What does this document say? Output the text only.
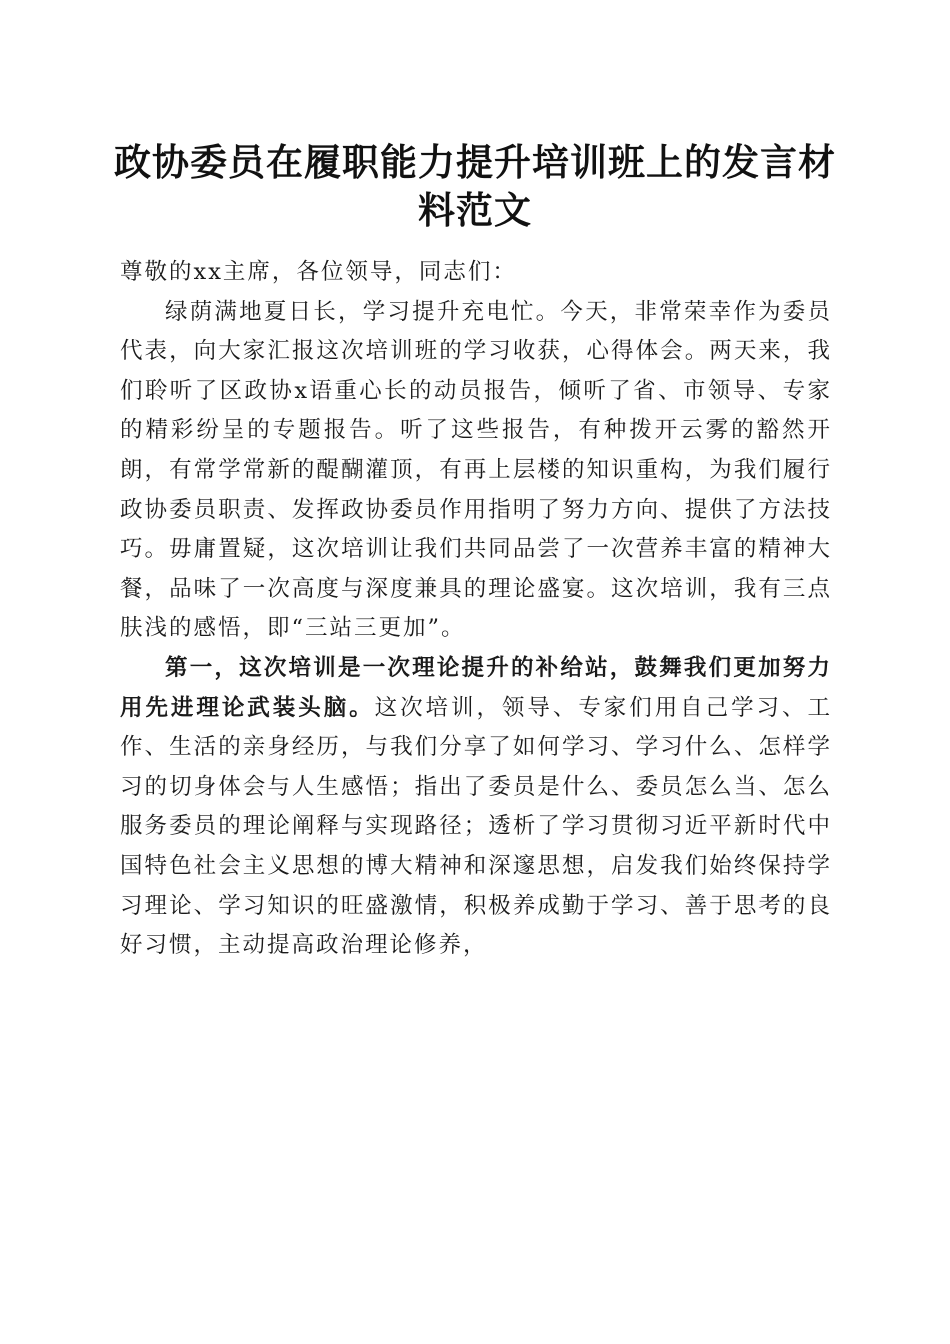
政协委员在履职能力提升培训班上的发言材料范文

尊敬的xx主席，各位领导，同志们：

绿荫满地夏日长，学习提升充电忙。今天，非常荣幸作为委员代表，向大家汇报这次培训班的学习收获，心得体会。两天来，我们聆听了区政协x语重心长的动员报告，倾听了省、市领导、专家的精彩纷呈的专题报告。听了这些报告，有种拨开云雾的豁然开朗，有常学常新的醍醐灌顶，有再上层楼的知识重构，为我们履行政协委员职责、发挥政协委员作用指明了努力方向、提供了方法技巧。毋庸置疑，这次培训让我们共同品尝了一次营养丰富的精神大餐，品味了一次高度与深度兼具的理论盛宴。这次培训，我有三点肤浅的感悟，即“三站三更加”。

第一，这次培训是一次理论提升的补给站，鼓舞我们更加努力用先进理论武装头脑。这次培训，领导、专家们用自己学习、工作、生活的亲身经历，与我们分享了如何学习、学习什么、怎样学习的切身体会与人生感悟；指出了委员是什么、委员怎么当、怎么服务委员的理论阐释与实现路径；透析了学习贯彻习近平新时代中国特色社会主义思想的博大精神和深邃思想，启发我们始终保持学习理论、学习知识的旺盛激情，积极养成勤于学习、善于思考的良好习惯，主动提高政治理论修养，
